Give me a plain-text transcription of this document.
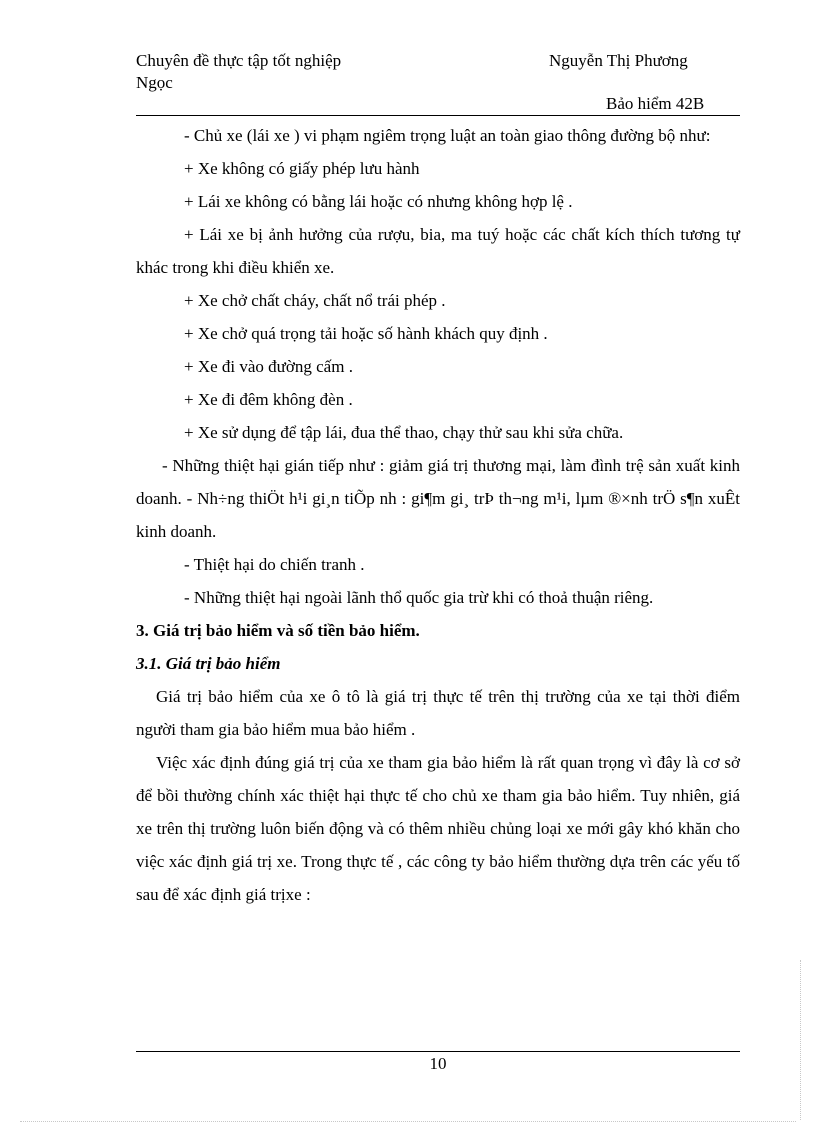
Chuyên đề thực tập tốt nghiệp	Nguyễn Thị Phương
Ngọc
Bảo hiểm 42B

- Chủ xe (lái xe ) vi phạm ngiêm trọng luật an toàn giao thông đường bộ như:

+ Xe không có giấy phép lưu hành

+ Lái xe không có bằng lái hoặc có nhưng không hợp lệ .

+ Lái xe bị ảnh hưởng của rượu, bia, ma tuý hoặc các chất kích thích tương tự khác trong khi điều khiển xe.

+ Xe chở chất cháy, chất nổ trái phép .

+ Xe chở quá trọng tải hoặc số hành khách quy định .

+ Xe đi vào đường cấm .

+ Xe đi đêm không đèn .

+ Xe sử dụng để tập lái, đua thể thao, chạy thử sau khi sửa chữa.

- Những thiệt hại gián tiếp như : giảm giá trị thương mại, làm đình trệ sản xuất kinh doanh. - Nh÷ng thiÖt h¹i gi¸n tiÕp nh : gi¶m gi¸ trÞ th¬ng m¹i, lµm ®×nh trÖ s¶n xuÊt kinh doanh.

- Thiệt hại do chiến tranh .

- Những thiệt hại ngoài lãnh thổ quốc gia trừ khi có thoả thuận riêng.

3. Giá trị bảo hiểm và số tiền bảo hiểm.

3.1. Giá trị bảo hiểm

Giá trị bảo hiểm của xe ô tô là giá trị thực tế trên thị trường của xe tại thời điểm người tham gia bảo hiểm mua bảo hiểm .

Việc xác định đúng giá trị của xe tham gia bảo hiểm là rất quan trọng vì đây là cơ sở để bồi thường chính xác thiệt hại thực tế cho chủ xe tham gia bảo hiểm. Tuy nhiên, giá xe trên thị trường luôn biến động và có thêm nhiều chủng loại xe mới gây khó khăn cho việc xác định giá trị xe. Trong thực tế , các công ty bảo hiểm thường dựa trên các yếu tố sau để xác định giá trịxe :

10
